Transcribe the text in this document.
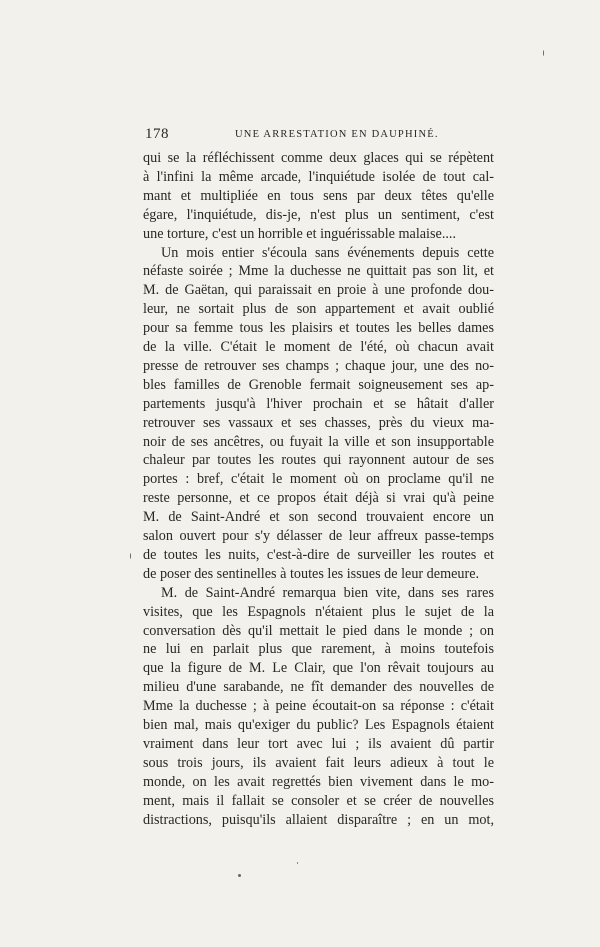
178	UNE ARRESTATION EN DAUPHINÉ.
qui se la réfléchissent comme deux glaces qui se répètent
à l'infini la même arcade, l'inquiétude isolée de tout cal-
mant et multipliée en tous sens par deux têtes qu'elle
égare, l'inquiétude, dis-je, n'est plus un sentiment, c'est
une torture, c'est un horrible et inguérissable malaise....
Un mois entier s'écoula sans événements depuis cette
néfaste soirée ; Mme la duchesse ne quittait pas son lit, et
M. de Gaëtan, qui paraissait en proie à une profonde dou-
leur, ne sortait plus de son appartement et avait oublié
pour sa femme tous les plaisirs et toutes les belles dames
de la ville. C'était le moment de l'été, où chacun avait
presse de retrouver ses champs ; chaque jour, une des no-
bles familles de Grenoble fermait soigneusement ses ap-
partements jusqu'à l'hiver prochain et se hâtait d'aller
retrouver ses vassaux et ses chasses, près du vieux ma-
noir de ses ancêtres, ou fuyait la ville et son insupportable
chaleur par toutes les routes qui rayonnent autour de ses
portes : bref, c'était le moment où on proclame qu'il ne
reste personne, et ce propos était déjà si vrai qu'à peine
M. de Saint-André et son second trouvaient encore un
salon ouvert pour s'y délasser de leur affreux passe-temps
de toutes les nuits, c'est-à-dire de surveiller les routes et
de poser des sentinelles à toutes les issues de leur demeure.
M. de Saint-André remarqua bien vite, dans ses rares
visites, que les Espagnols n'étaient plus le sujet de la
conversation dès qu'il mettait le pied dans le monde ; on
ne lui en parlait plus que rarement, à moins toutefois
que la figure de M. Le Clair, que l'on rêvait toujours au
milieu d'une sarabande, ne fît demander des nouvelles de
Mme la duchesse ; à peine écoutait-on sa réponse : c'était
bien mal, mais qu'exiger du public? Les Espagnols étaient
vraiment dans leur tort avec lui ; ils avaient dû partir
sous trois jours, ils avaient fait leurs adieux à tout le
monde, on les avait regrettés bien vivement dans le mo-
ment, mais il fallait se consoler et se créer de nouvelles
distractions, puisqu'ils allaient disparaître ; en un mot,
